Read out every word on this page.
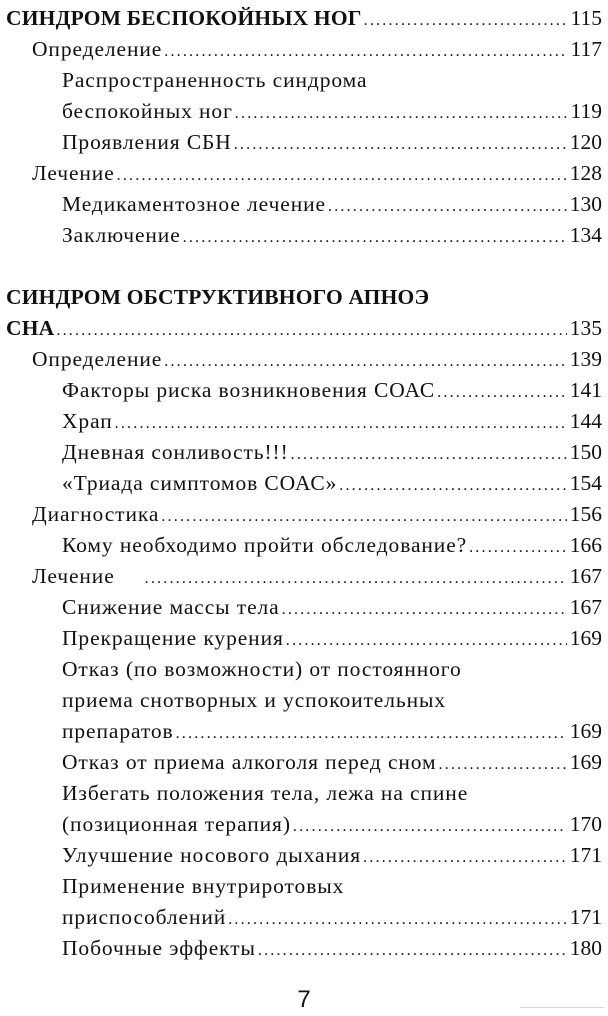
СИНДРОМ БЕСПОКОЙНЫХ НОГ .....	115
Определение .....	117
Распространенность синдрома
беспокойных ног .....	119
Проявления СБН .....	120
Лечение .....	128
Медикаментозное лечение .....	130
Заключение .....	134
СИНДРОМ ОБСТРУКТИВНОГО АПНОЭ
СНА .....	135
Определение .....	139
Факторы риска возникновения СОАС .....	141
Храп .....	144
Дневная сонливость!!! .....	150
«Триада симптомов СОАС» .....	154
Диагностика .....	156
Кому необходимо пройти обследование? .....	166
Лечение .....	167
Снижение массы тела .....	167
Прекращение курения .....	169
Отказ (по возможности) от постоянного
приема снотворных и успокоительных
препаратов .....	169
Отказ от приема алкоголя перед сном .....	169
Избегать положения тела, лежа на спине
(позиционная терапия) .....	170
Улучшение носового дыхания .....	171
Применение внутриротовых
приспособлений .....	171
Побочные эффекты .....	180
7
